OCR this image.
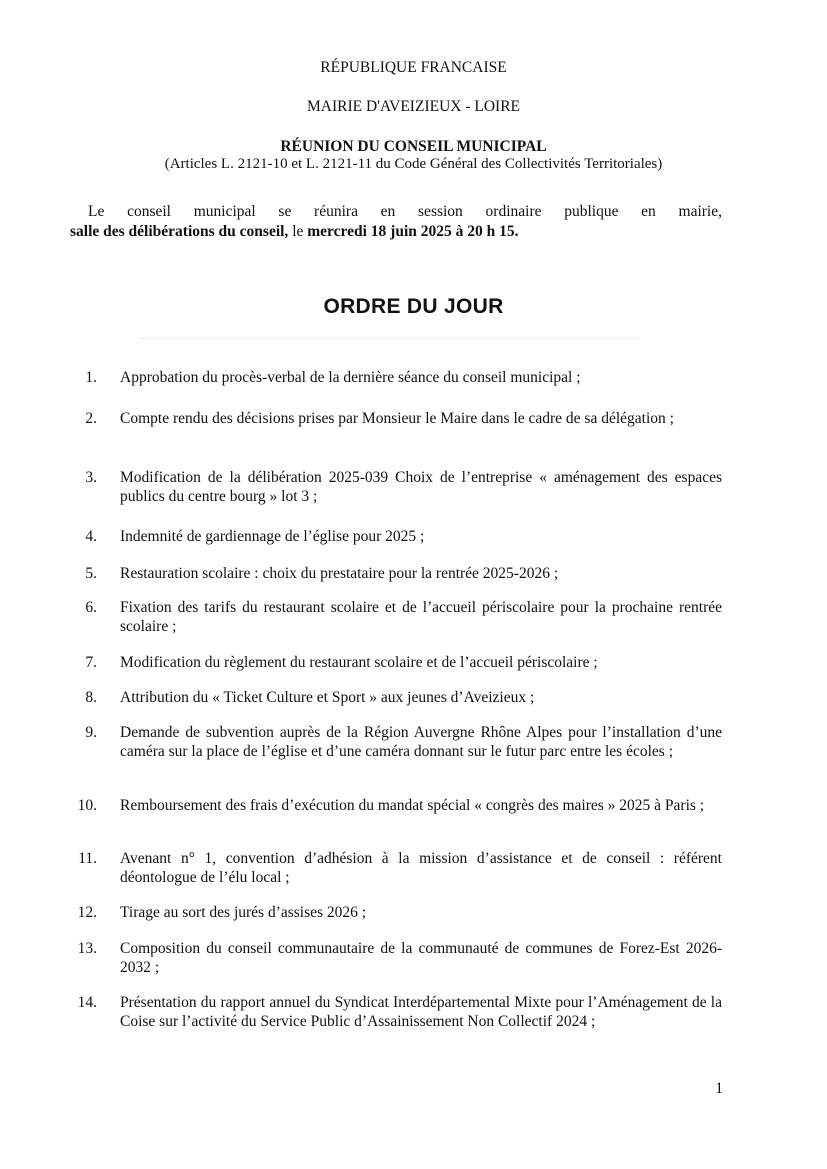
RÉPUBLIQUE FRANCAISE
MAIRIE D'AVEIZIEUX - LOIRE
RÉUNION DU CONSEIL MUNICIPAL
(Articles L. 2121-10 et L. 2121-11 du Code Général des Collectivités Territoriales)
Le conseil municipal se réunira en session ordinaire publique en mairie,
salle des délibérations du conseil, le mercredi 18 juin 2025 à 20 h 15.
ORDRE DU JOUR
1. Approbation du procès-verbal de la dernière séance du conseil municipal ;
2. Compte rendu des décisions prises par Monsieur le Maire dans le cadre de sa délégation ;
3. Modification de la délibération 2025-039 Choix de l’entreprise « aménagement des espaces publics du centre bourg » lot 3 ;
4. Indemnité de gardiennage de l’église pour 2025 ;
5. Restauration scolaire : choix du prestataire pour la rentrée 2025-2026 ;
6. Fixation des tarifs du restaurant scolaire et de l’accueil périscolaire pour la prochaine rentrée scolaire ;
7. Modification du règlement du restaurant scolaire et de l’accueil périscolaire ;
8. Attribution du « Ticket Culture et Sport » aux jeunes d’Aveizieux ;
9. Demande de subvention auprès de la Région Auvergne Rhône Alpes pour l’installation d’une caméra sur la place de l’église et d’une caméra donnant sur le futur parc entre les écoles ;
10. Remboursement des frais d’exécution du mandat spécial « congrès des maires » 2025 à Paris ;
11. Avenant n° 1, convention d’adhésion à la mission d’assistance et de conseil : référent déontologue de l’élu local ;
12. Tirage au sort des jurés d’assises 2026 ;
13. Composition du conseil communautaire de la communauté de communes de Forez-Est 2026-2032 ;
14. Présentation du rapport annuel du Syndicat Interdépartemental Mixte pour l’Aménagement de la Coise sur l’activité du Service Public d’Assainissement Non Collectif 2024 ;
1
